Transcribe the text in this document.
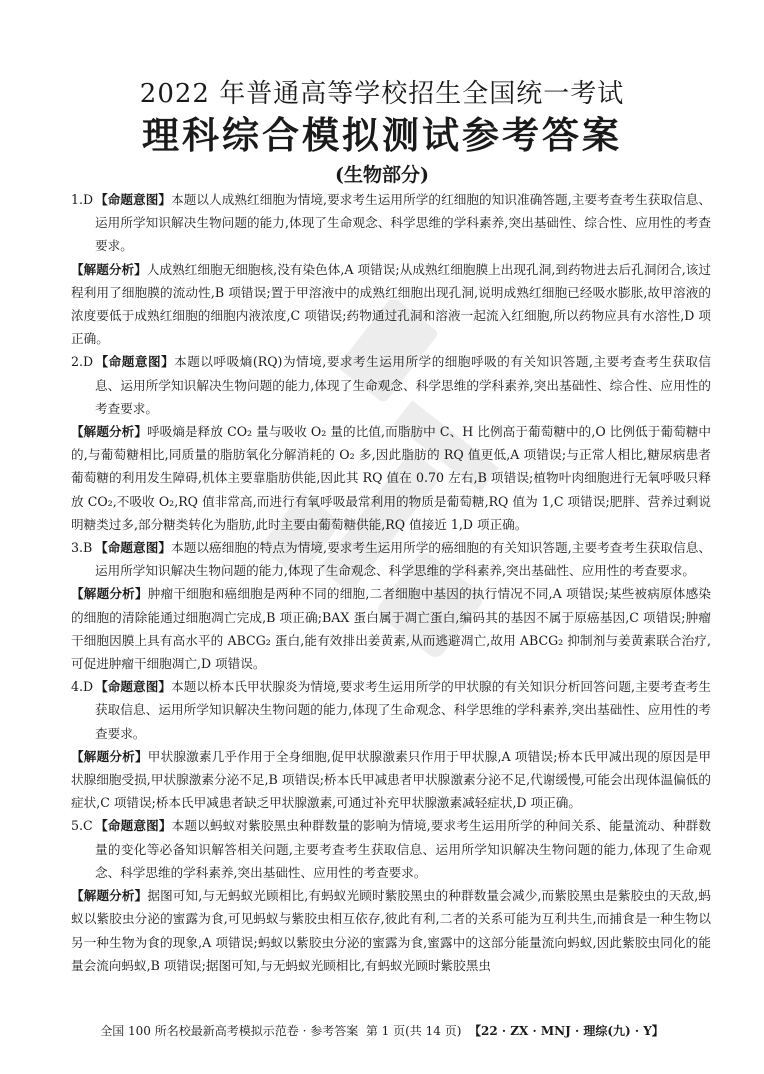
2022 年普通高等学校招生全国统一考试
理科综合模拟测试参考答案
(生物部分)

1.D 【命题意图】本题以人成熟红细胞为情境,要求考生运用所学的红细胞的知识准确答题,主要考查考生获取信息、运用所学知识解决生物问题的能力,体现了生命观念、科学思维的学科素养,突出基础性、综合性、应用性的考查要求。

【解题分析】人成熟红细胞无细胞核,没有染色体,A 项错误;从成熟红细胞膜上出现孔洞,到药物进去后孔洞闭合,该过程利用了细胞膜的流动性,B 项错误;置于甲溶液中的成熟红细胞出现孔洞,说明成熟红细胞已经吸水膨胀,故甲溶液的浓度要低于成熟红细胞的细胞内液浓度,C 项错误;药物通过孔洞和溶液一起流入红细胞,所以药物应具有水溶性,D 项正确。

2.D 【命题意图】本题以呼吸熵(RQ)为情境,要求考生运用所学的细胞呼吸的有关知识答题,主要考查考生获取信息、运用所学知识解决生物问题的能力,体现了生命观念、科学思维的学科素养,突出基础性、综合性、应用性的考查要求。

【解题分析】呼吸熵是释放 CO₂ 量与吸收 O₂ 量的比值,而脂肪中 C、H 比例高于葡萄糖中的,O 比例低于葡萄糖中的,与葡萄糖相比,同质量的脂肪氧化分解消耗的 O₂ 多,因此脂肪的 RQ 值更低,A 项错误;与正常人相比,糖尿病患者葡萄糖的利用发生障碍,机体主要靠脂肪供能,因此其 RQ 值在 0.70 左右,B 项错误;植物叶肉细胞进行无氧呼吸只释放 CO₂,不吸收 O₂,RQ 值非常高,而进行有氧呼吸最常利用的物质是葡萄糖,RQ 值为 1,C 项错误;肥胖、营养过剩说明糖类过多,部分糖类转化为脂肪,此时主要由葡萄糖供能,RQ 值接近 1,D 项正确。

3.B 【命题意图】本题以癌细胞的特点为情境,要求考生运用所学的癌细胞的有关知识答题,主要考查考生获取信息、运用所学知识解决生物问题的能力,体现了生命观念、科学思维的学科素养,突出基础性、应用性的考查要求。

【解题分析】肿瘤干细胞和癌细胞是两种不同的细胞,二者细胞中基因的执行情况不同,A 项错误;某些被病原体感染的细胞的清除能通过细胞凋亡完成,B 项正确;BAX 蛋白属于凋亡蛋白,编码其的基因不属于原癌基因,C 项错误;肿瘤干细胞因膜上具有高水平的 ABCG₂ 蛋白,能有效排出姜黄素,从而逃避凋亡,故用 ABCG₂ 抑制剂与姜黄素联合治疗,可促进肿瘤干细胞凋亡,D 项错误。

4.D 【命题意图】本题以桥本氏甲状腺炎为情境,要求考生运用所学的甲状腺的有关知识分析回答问题,主要考查考生获取信息、运用所学知识解决生物问题的能力,体现了生命观念、科学思维的学科素养,突出基础性、应用性的考查要求。

【解题分析】甲状腺激素几乎作用于全身细胞,促甲状腺激素只作用于甲状腺,A 项错误;桥本氏甲减出现的原因是甲状腺细胞受损,甲状腺激素分泌不足,B 项错误;桥本氏甲减患者甲状腺激素分泌不足,代谢缓慢,可能会出现体温偏低的症状,C 项错误;桥本氏甲减患者缺乏甲状腺激素,可通过补充甲状腺激素减轻症状,D 项正确。

5.C 【命题意图】本题以蚂蚁对紫胶黑虫种群数量的影响为情境,要求考生运用所学的种间关系、能量流动、种群数量的变化等必备知识解答相关问题,主要考查考生获取信息、运用所学知识解决生物问题的能力,体现了生命观念、科学思维的学科素养,突出基础性、应用性的考查要求。

【解题分析】据图可知,与无蚂蚁光顾相比,有蚂蚁光顾时紫胶黑虫的种群数量会减少,而紫胶黑虫是紫胶虫的天敌,蚂蚁以紫胶虫分泌的蜜露为食,可见蚂蚁与紫胶虫相互依存,彼此有利,二者的关系可能为互利共生,而捕食是一种生物以另一种生物为食的现象,A 项错误;蚂蚁以紫胶虫分泌的蜜露为食,蜜露中的这部分能量流向蚂蚁,因此紫胶虫同化的能量会流向蚂蚁,B 项错误;据图可知,与无蚂蚁光顾相比,有蚂蚁光顾时紫胶黑虫

全国 100 所名校最新高考模拟示范卷 · 参考答案 第 1 页(共 14 页) 【22 · ZX · MNJ · 理综(九) · Y】
